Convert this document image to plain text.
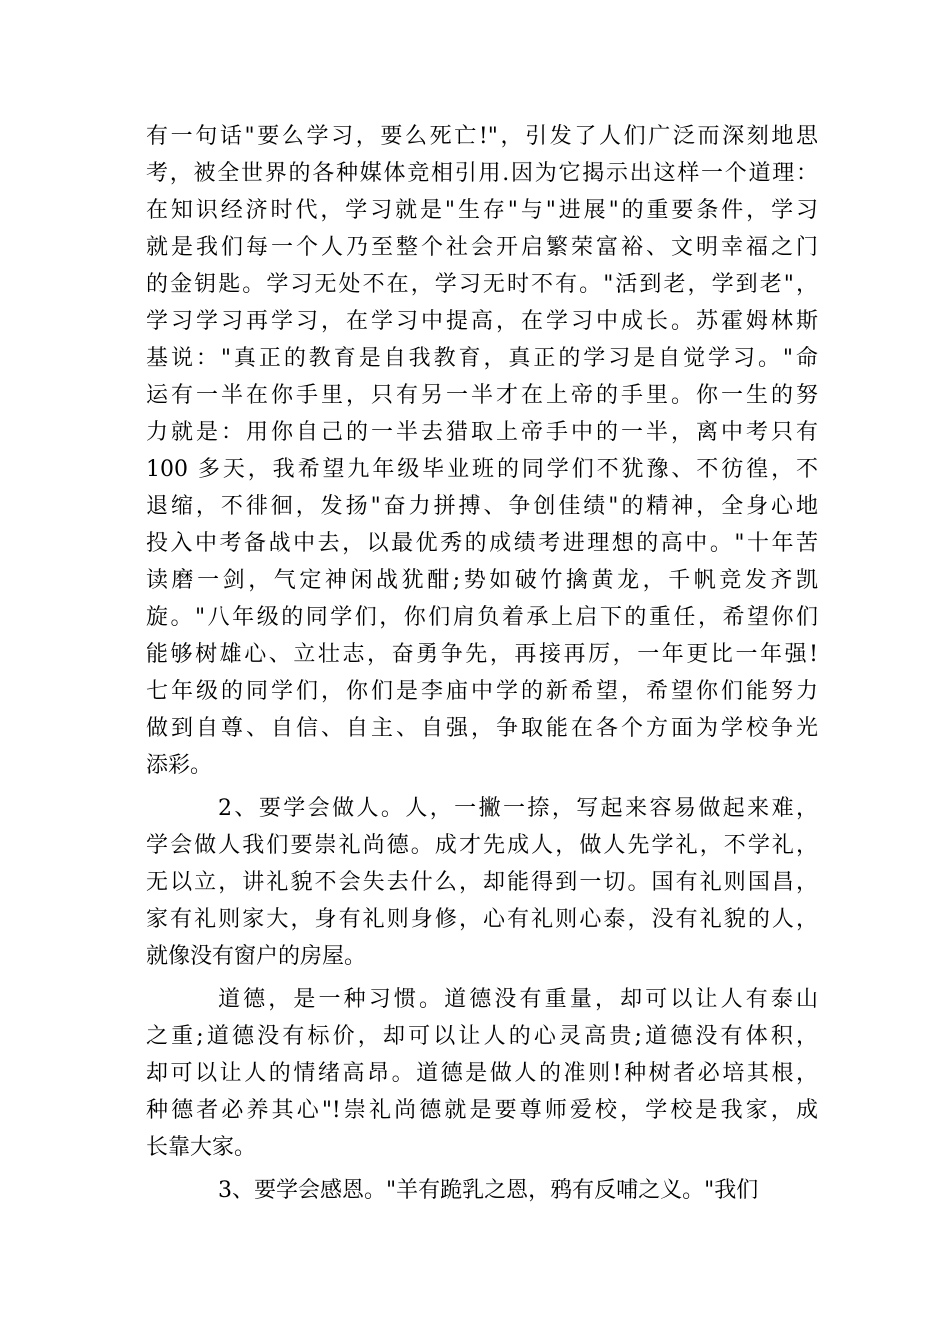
有一句话"要么学习，要么死亡!"，引发了人们广泛而深刻地思
考，被全世界的各种媒体竞相引用.因为它揭示出这样一个道理：
在知识经济时代，学习就是"生存"与"进展"的重要条件，学习
就是我们每一个人乃至整个社会开启繁荣富裕、文明幸福之门
的金钥匙。学习无处不在，学习无时不有。"活到老，学到老"，
学习学习再学习，在学习中提高，在学习中成长。苏霍姆林斯
基说："真正的教育是自我教育，真正的学习是自觉学习。"命
运有一半在你手里，只有另一半才在上帝的手里。你一生的努
力就是：用你自己的一半去猎取上帝手中的一半，离中考只有
100 多天，我希望九年级毕业班的同学们不犹豫、不彷徨，不
退缩，不徘徊，发扬"奋力拼搏、争创佳绩"的精神，全身心地
投入中考备战中去，以最优秀的成绩考进理想的高中。"十年苦
读磨一剑，气定神闲战犹酣;势如破竹擒黄龙，千帆竞发齐凯
旋。"八年级的同学们，你们肩负着承上启下的重任，希望你们
能够树雄心、立壮志，奋勇争先，再接再厉，一年更比一年强!
七年级的同学们，你们是李庙中学的新希望，希望你们能努力
做到自尊、自信、自主、自强，争取能在各个方面为学校争光
添彩。
2、要学会做人。人，一撇一捺，写起来容易做起来难，
学会做人我们要崇礼尚德。成才先成人，做人先学礼，不学礼，
无以立，讲礼貌不会失去什么，却能得到一切。国有礼则国昌，
家有礼则家大，身有礼则身修，心有礼则心泰，没有礼貌的人，
就像没有窗户的房屋。
道德，是一种习惯。道德没有重量，却可以让人有泰山
之重;道德没有标价，却可以让人的心灵高贵;道德没有体积，
却可以让人的情绪高昂。道德是做人的准则!种树者必培其根，
种德者必养其心"!崇礼尚德就是要尊师爱校，学校是我家，成
长靠大家。
3、要学会感恩。"羊有跪乳之恩，鸦有反哺之义。"我们
